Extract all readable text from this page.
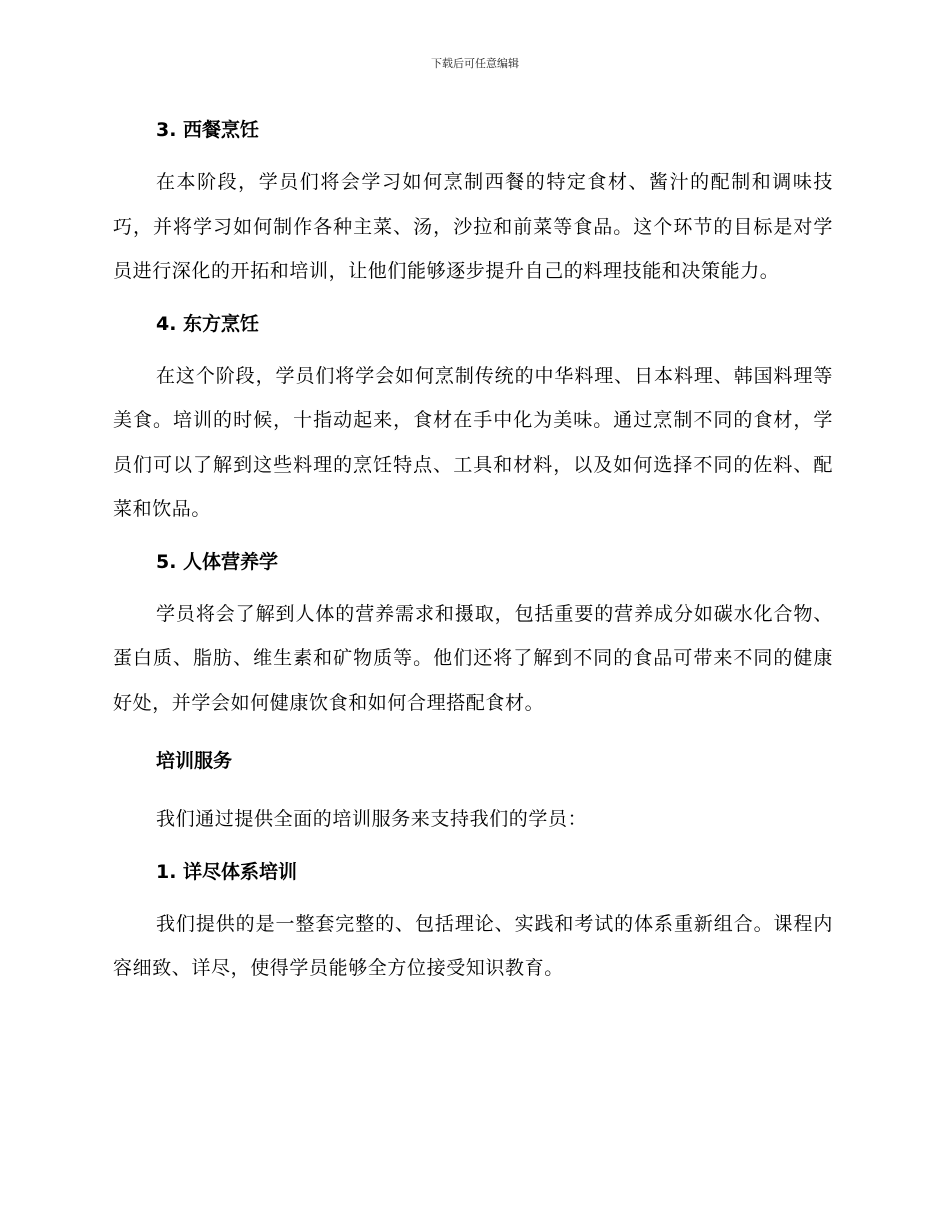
下载后可任意编辑

3. 西餐烹饪

在本阶段，学员们将会学习如何烹制西餐的特定食材、酱汁的配制和调味技巧，并将学习如何制作各种主菜、汤，沙拉和前菜等食品。这个环节的目标是对学员进行深化的开拓和培训，让他们能够逐步提升自己的料理技能和决策能力。

4. 东方烹饪

在这个阶段，学员们将学会如何烹制传统的中华料理、日本料理、韩国料理等美食。培训的时候，十指动起来，食材在手中化为美味。通过烹制不同的食材，学员们可以了解到这些料理的烹饪特点、工具和材料，以及如何选择不同的佐料、配菜和饮品。

5. 人体营养学

学员将会了解到人体的营养需求和摄取，包括重要的营养成分如碳水化合物、蛋白质、脂肪、维生素和矿物质等。他们还将了解到不同的食品可带来不同的健康好处，并学会如何健康饮食和如何合理搭配食材。

培训服务

我们通过提供全面的培训服务来支持我们的学员：

1. 详尽体系培训

我们提供的是一整套完整的、包括理论、实践和考试的体系重新组合。课程内容细致、详尽，使得学员能够全方位接受知识教育。
